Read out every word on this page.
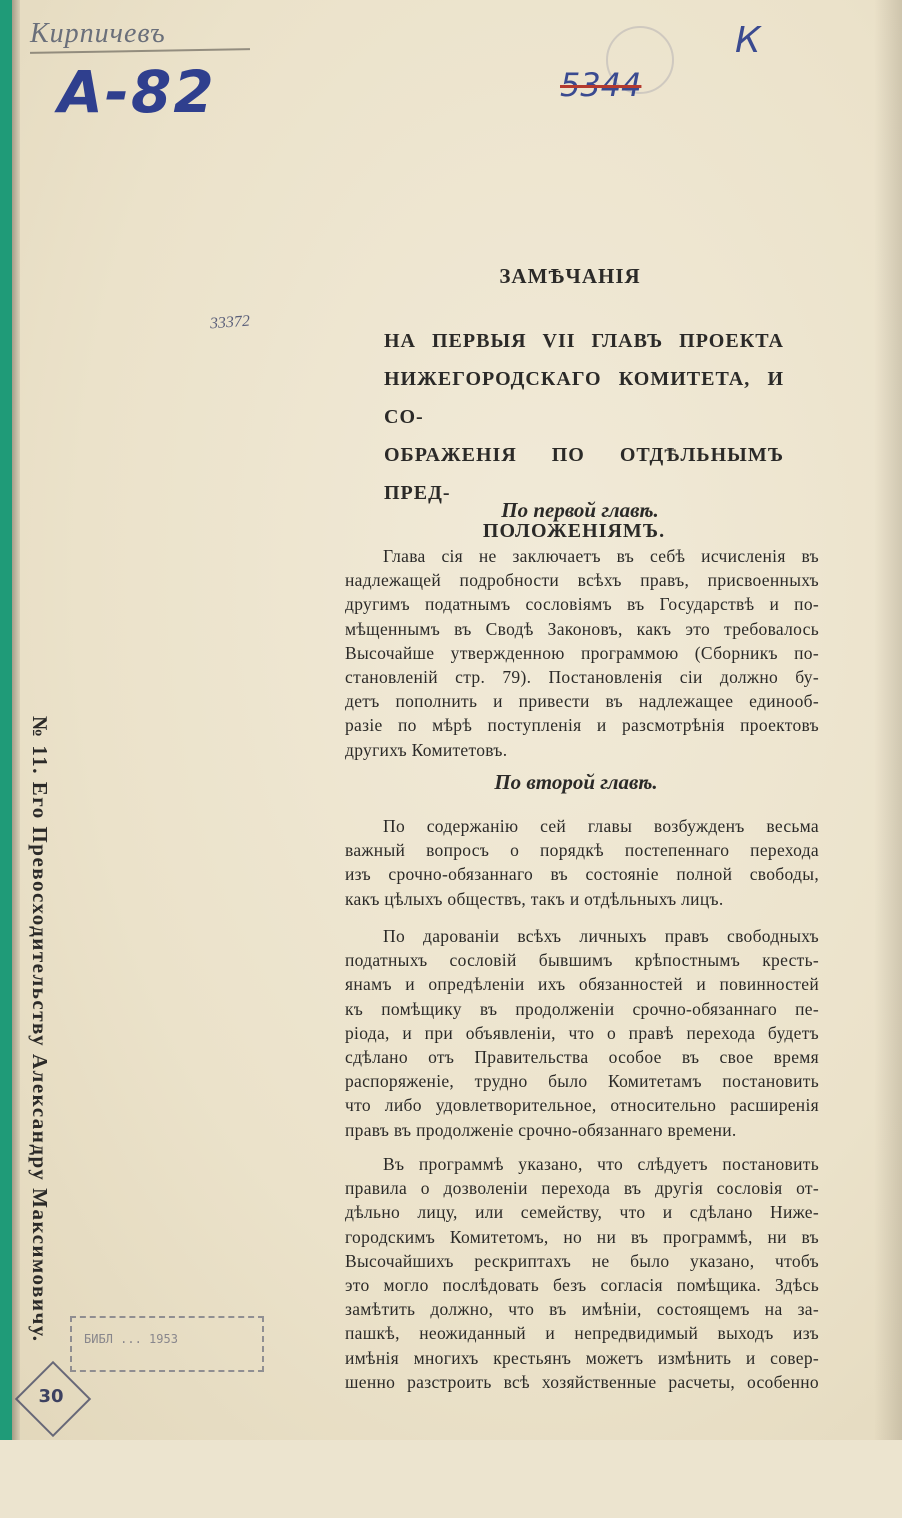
Кирпичевъ
А-82	5344
К
33372
ЗАМѢЧАНІЯ
НА ПЕРВЫЯ VII ГЛАВЪ ПРОЕКТА
НИЖЕГОРОДСКАГО КОМИТЕТА, И СО-
ОБРАЖЕНІЯ ПО ОТДѢЛЬНЫМЪ ПРЕД-
ПОЛОЖЕНІЯМЪ.
По первой главѣ.
Глава сія не заключаетъ въ себѣ исчисленія въ
надлежащей подробности всѣхъ правъ, присвоенныхъ
другимъ податнымъ сословіямъ въ Государствѣ и по-
мѣщеннымъ въ Сводѣ Законовъ, какъ это требовалось
Высочайше утвержденною программою (Сборникъ по-
становленій стр. 79). Постановленія сіи должно бу-
детъ пополнить и привести въ надлежащее единооб-
разіе по мѣрѣ поступленія и разсмотрѣнія проектовъ
другихъ Комитетовъ.
По второй главѣ.
По содержанію сей главы возбужденъ весьма
важный вопросъ о порядкѣ постепеннаго перехода
изъ срочно-обязаннаго въ состояніе полной свободы,
какъ цѣлыхъ обществъ, такъ и отдѣльныхъ лицъ.
По дарованіи всѣхъ личныхъ правъ свободныхъ
податныхъ сословій бывшимъ крѣпостнымъ кресть-
янамъ и опредѣленіи ихъ обязанностей и повинностей
къ помѣщику въ продолженіи срочно-обязаннаго пе-
ріода, и при объявленіи, что о правѣ перехода будетъ
сдѣлано отъ Правительства особое въ свое время
распоряженіе, трудно было Комитетамъ постановить
что либо удовлетворительное, относительно расширенія
правъ въ продолженіе срочно-обязаннаго времени.
Въ программѣ указано, что слѣдуетъ постановить
правила о дозволеніи перехода въ другія сословія от-
дѣльно лицу, или семейству, что и сдѣлано Ниже-
городскимъ Комитетомъ, но ни въ программѣ, ни въ
Высочайшихъ рескриптахъ не было указано, чтобъ
это могло послѣдовать безъ согласія помѣщика. Здѣсь
замѣтить должно, что въ имѣніи, состоящемъ на за-
пашкѣ, неожиданный и непредвидимый выходъ изъ
имѣнія многихъ крестьянъ можетъ измѣнить и совер-
шенно разстроить всѣ хозяйственные расчеты, особенно
№ 11. Его Превосходительству Александру Максимовичу.	БИБЛ ... 1953
30
